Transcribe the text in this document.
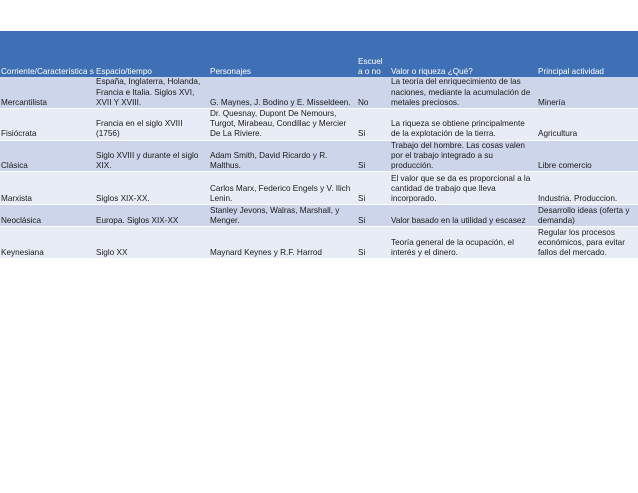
Corriente/Característica s	Espacio/tiempo	Personajes	Escuel a o no	Valor o riqueza ¿Qué?	Principal actividad
Mercantilista	España, Inglaterra, Holanda, Francia e Italia. Siglos XVI, XVII Y XVIII.	G. Maynes, J. Bodino y E. Misseldeen.	No	La teoría del enriquecimiento de las naciones, mediante la acumulación de metales preciosos.	Minería
Fisiócrata	Francia en el siglo XVIII (1756)	Dr. Quesnay, Dupont De Nemours, Turgot, Mirabeau, Condillac y Mercier De La Riviere.	Si	La riqueza se obtiene principalmente de la explotación de la tierra.	Agricultura
Clásica	Siglo XVIII y durante el siglo XIX.	Adam Smith, David Ricardo y R. Malthus.	Si	Trabajo del hombre. Las cosas valen por el trabajo integrado a su producción.	Libre comercio
Marxista	Siglos XIX-XX.	Carlos Marx, Federico Engels y V. Ilich Lenin.	Si	El valor que se da es proporcional a la cantidad de trabajo que lleva incorporado.	Industria. Produccion.
Neoclásica	Europa. Siglos XIX-XX	Stanley Jevons, Walras, Marshall, y Menger.	Si	Valor basado en la utilidad y escasez	Desarrollo ideas (oferta y demanda)
Keynesiana	Siglo XX	Maynard Keynes y R.F. Harrod	Si	Teoría general de la ocupación, el interés y el dinero.	Regular los procesos económicos, para evitar fallos del mercado.
